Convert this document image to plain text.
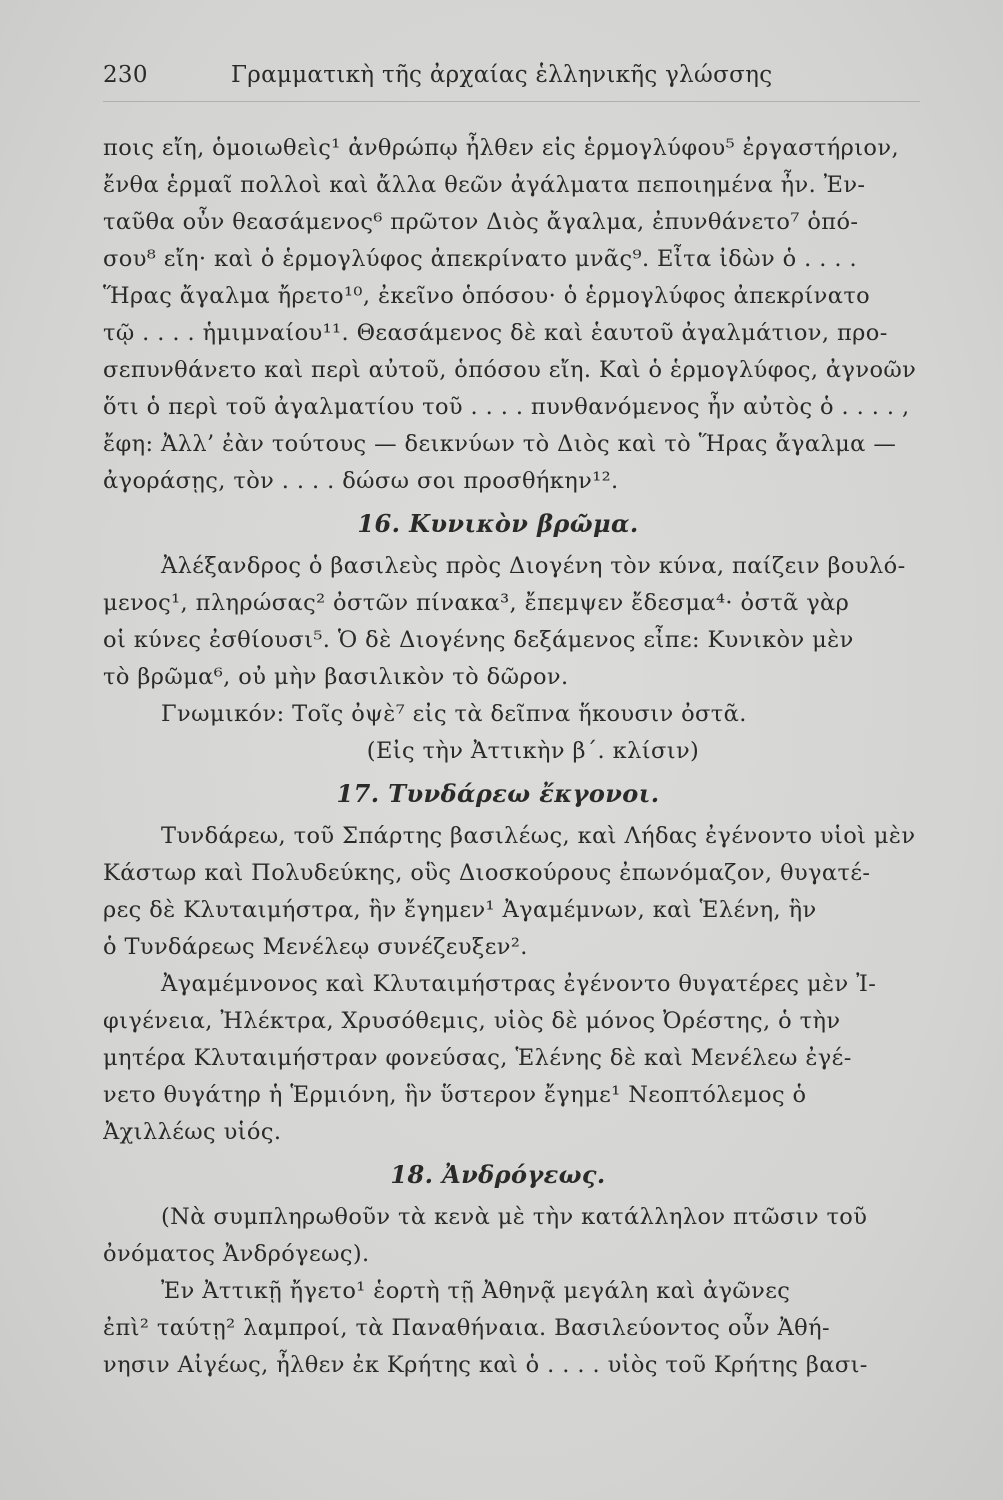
230	Γραμματικὴ τῆς ἀρχαίας ἑλληνικῆς γλώσσης
ποις εἴη, ὁμοιωθεὶς¹ ἀνθρώπῳ ἦλθεν εἰς ἑρμογλύφου⁵ ἐργαστήριον,
ἔνθα ἑρμαῖ πολλοὶ καὶ ἄλλα θεῶν ἀγάλματα πεποιημένα ἦν. Ἐν-
ταῦθα οὖν θεασάμενος⁶ πρῶτον Διὸς ἄγαλμα, ἐπυνθάνετο⁷ ὁπό-
σου⁸ εἴη· καὶ ὁ ἑρμογλύφος ἀπεκρίνατο μνᾶς⁹. Εἶτα ἰδὼν ὁ . . . .
Ἥρας ἄγαλμα ἤρετο¹⁰, ἐκεῖνο ὁπόσου· ὁ ἑρμογλύφος ἀπεκρίνατο
τῷ . . . . ἡμιμναίου¹¹. Θεασάμενος δὲ καὶ ἑαυτοῦ ἀγαλμάτιον, προ-
σεπυνθάνετο καὶ περὶ αὐτοῦ, ὁπόσου εἴη. Καὶ ὁ ἑρμογλύφος, ἀγνοῶν
ὅτι ὁ περὶ τοῦ ἀγαλματίου τοῦ . . . . πυνθανόμενος ἦν αὐτὸς ὁ . . . . ,
ἔφη: Ἀλλ’ ἐὰν τούτους — δεικνύων τὸ Διὸς καὶ τὸ Ἥρας ἄγαλμα —
ἀγοράσῃς, τὸν . . . . δώσω σοι προσθήκην¹².
16. Κυνικὸν βρῶμα.
Ἀλέξανδρος ὁ βασιλεὺς πρὸς Διογένη τὸν κύνα, παίζειν βουλό-
μενος¹, πληρώσας² ὀστῶν πίνακα³, ἔπεμψεν ἔδεσμα⁴· ὀστᾶ γὰρ
οἱ κύνες ἐσθίουσι⁵. Ὁ δὲ Διογένης δεξάμενος εἶπε: Κυνικὸν μὲν
τὸ βρῶμα⁶, οὐ μὴν βασιλικὸν τὸ δῶρον.
Γνωμικόν: Τοῖς ὀψὲ⁷ εἰς τὰ δεῖπνα ἥκουσιν ὀστᾶ.
(Εἰς τὴν Ἀττικὴν β΄. κλίσιν)
17. Τυνδάρεω ἔκγονοι.
Τυνδάρεω, τοῦ Σπάρτης βασιλέως, καὶ Λήδας ἐγένοντο υἱοὶ μὲν
Κάστωρ καὶ Πολυδεύκης, οὓς Διοσκούρους ἐπωνόμαζον, θυγατέ-
ρες δὲ Κλυταιμήστρα, ἣν ἔγημεν¹ Ἀγαμέμνων, καὶ Ἑλένη, ἣν
ὁ Τυνδάρεως Μενέλεῳ συνέζευξεν².
Ἀγαμέμνονος καὶ Κλυταιμήστρας ἐγένοντο θυγατέρες μὲν Ἰ-
φιγένεια, Ἠλέκτρα, Χρυσόθεμις, υἱὸς δὲ μόνος Ὀρέστης, ὁ τὴν
μητέρα Κλυταιμήστραν φονεύσας, Ἑλένης δὲ καὶ Μενέλεω ἐγέ-
νετο θυγάτηρ ἡ Ἑρμιόνη, ἣν ὕστερον ἔγημε¹ Νεοπτόλεμος ὁ
Ἀχιλλέως υἱός.
18. Ἀνδρόγεως.
(Νὰ συμπληρωθοῦν τὰ κενὰ μὲ τὴν κατάλληλον πτῶσιν τοῦ
ὀνόματος Ἀνδρόγεως).
Ἐν Ἀττικῇ ἤγετο¹ ἑορτὴ τῇ Ἀθηνᾷ μεγάλη καὶ ἀγῶνες
ἐπὶ² ταύτῃ² λαμπροί, τὰ Παναθήναια. Βασιλεύοντος οὖν Ἀθή-
νησιν Αἰγέως, ἦλθεν ἐκ Κρήτης καὶ ὁ . . . . υἱὸς τοῦ Κρήτης βασι-
